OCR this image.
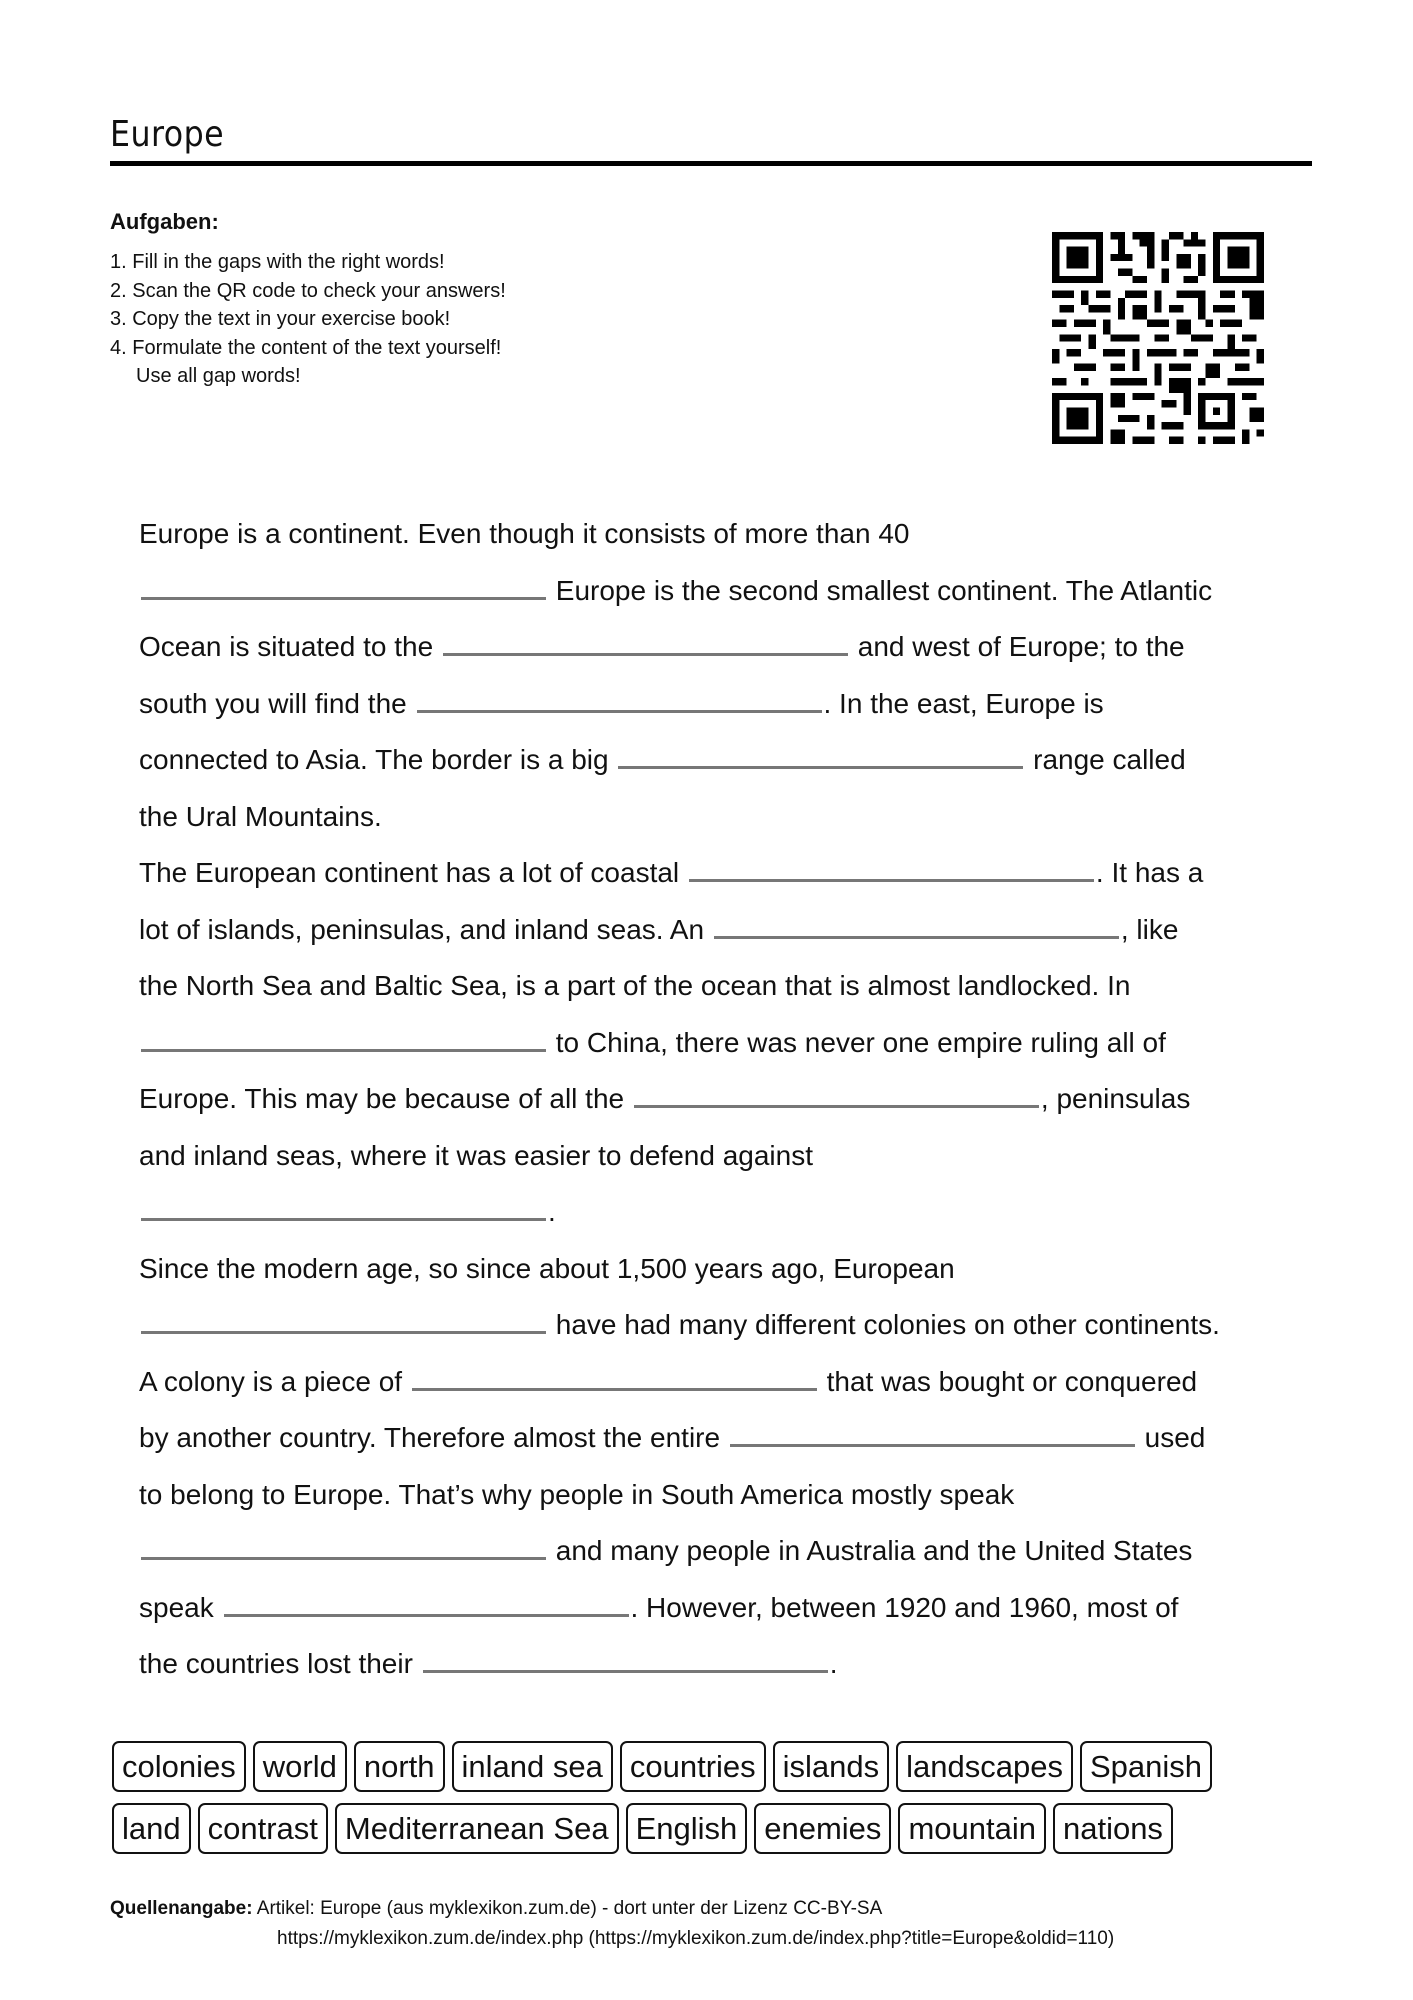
Europe
Aufgaben:
1. Fill in the gaps with the right words!
2. Scan the QR code to check your answers!
3. Copy the text in your exercise book!
4. Formulate the content of the text yourself!
Use all gap words!
Europe is a continent. Even though it consists of more than 40
Europe is the second smallest continent. The Atlantic
Ocean is situated to the	and west of Europe; to the
south you will find the	. In the east, Europe is
connected to Asia. The border is a big	range called
the Ural Mountains.
The European continent has a lot of coastal	. It has a
lot of islands, peninsulas, and inland seas. An	, like
the North Sea and Baltic Sea, is a part of the ocean that is almost landlocked. In
to China, there was never one empire ruling all of
Europe. This may be because of all the	, peninsulas
and inland seas, where it was easier to defend against
.
Since the modern age, so since about 1,500 years ago, European
have had many different colonies on other continents.
A colony is a piece of	that was bought or conquered
by another country. Therefore almost the entire	used
to belong to Europe. That’s why people in South America mostly speak
and many people in Australia and the United States
speak	. However, between 1920 and 1960, most of
the countries lost their	.
colonies world north inland sea countries islands landscapes Spanish
land contrast Mediterranean Sea English enemies mountain nations
Quellenangabe: Artikel: Europe (aus myklexikon.zum.de) - dort unter der Lizenz CC-BY-SA
https://myklexikon.zum.de/index.php (https://myklexikon.zum.de/index.php?title=Europe&oldid=110)
